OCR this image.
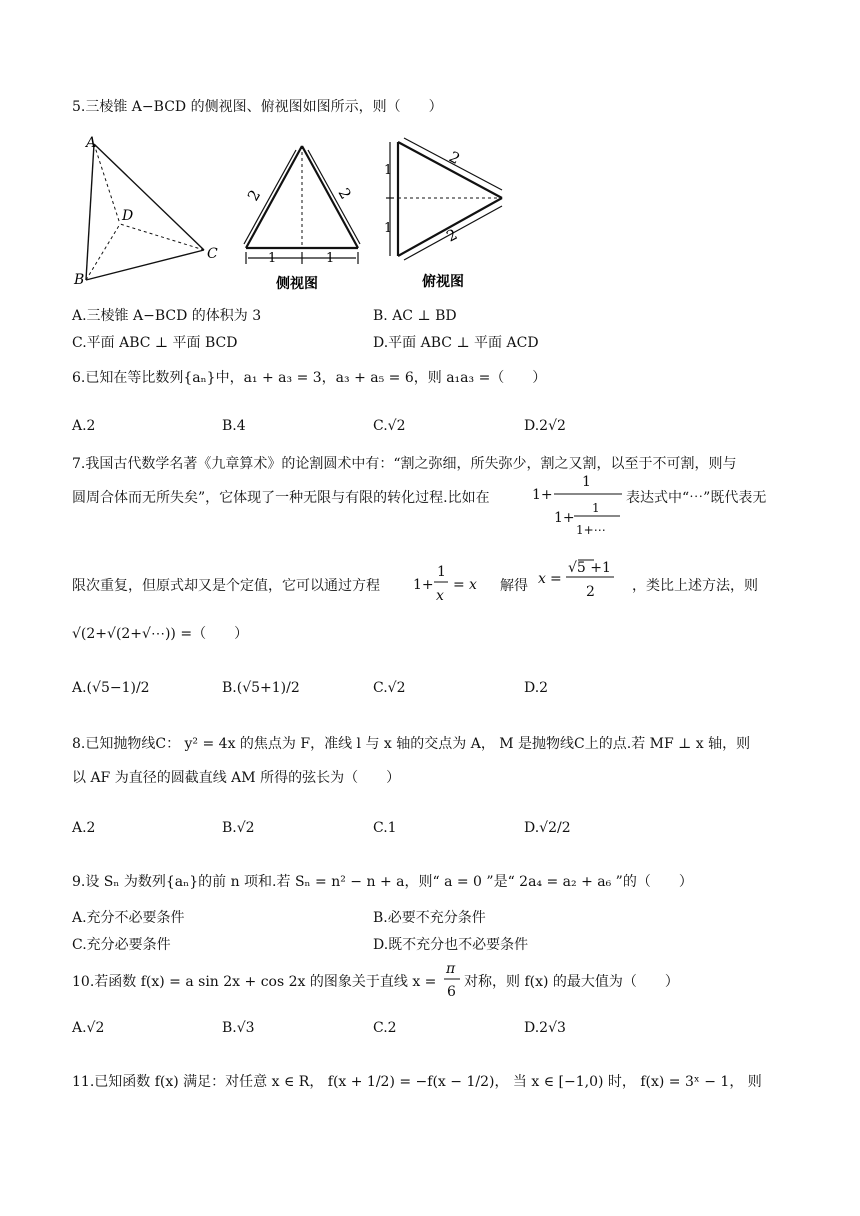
5.三棱锥 A−BCD 的侧视图、俯视图如图所示，则（　　）
A
B
C
D
2	2
1	1
侧视图
1
1
2
2
俯视图
A.三棱锥 A−BCD 的体积为 3	B. AC ⊥ BD
C.平面 ABC ⊥ 平面 BCD	D.平面 ABC ⊥ 平面 ACD
6.已知在等比数列{aₙ}中，a₁ + a₃ = 3，a₃ + a₅ = 6，则 a₁a₃ =（　　）
A.2	B.4	C.√2	D.2√2
7.我国古代数学名著《九章算术》的论割圆术中有：“割之弥细，所失弥少，割之又割，以至于不可割，则与
圆周合体而无所失矣”，它体现了一种无限与有限的转化过程.比如在	1+
1
1+
1
1+⋯
表达式中“⋯”既代表无
限次重复，但原式却又是个定值，它可以通过方程 1+
1
x
= x 解得 x =
√5 +1
2	，类比上述方法，则
√(2+√(2+√⋯)) =（　　）
A.(√5−1)/2	B.(√5+1)/2	C.√2	D.2
8.已知抛物线C： y² = 4x 的焦点为 F，准线 l 与 x 轴的交点为 A， M 是抛物线C上的点.若 MF ⊥ x 轴，则
以 AF 为直径的圆截直线 AM 所得的弦长为（　　）
A.2	B.√2	C.1	D.√2/2
9.设 Sₙ 为数列{aₙ}的前 n 项和.若 Sₙ = n² − n + a，则“ a = 0 ”是“ 2a₄ = a₂ + a₆ ”的（　　）
A.充分不必要条件	B.必要不充分条件
C.充分必要条件	D.既不充分也不必要条件
10.若函数 f(x) = a sin 2x + cos 2x 的图象关于直线 x =
π
6
对称，则 f(x) 的最大值为（　　）
A.√2	B.√3	C.2	D.2√3
11.已知函数 f(x) 满足：对任意 x ∈ R， f(x + 1/2) = −f(x − 1/2)， 当 x ∈ [−1,0) 时， f(x) = 3ˣ − 1， 则
